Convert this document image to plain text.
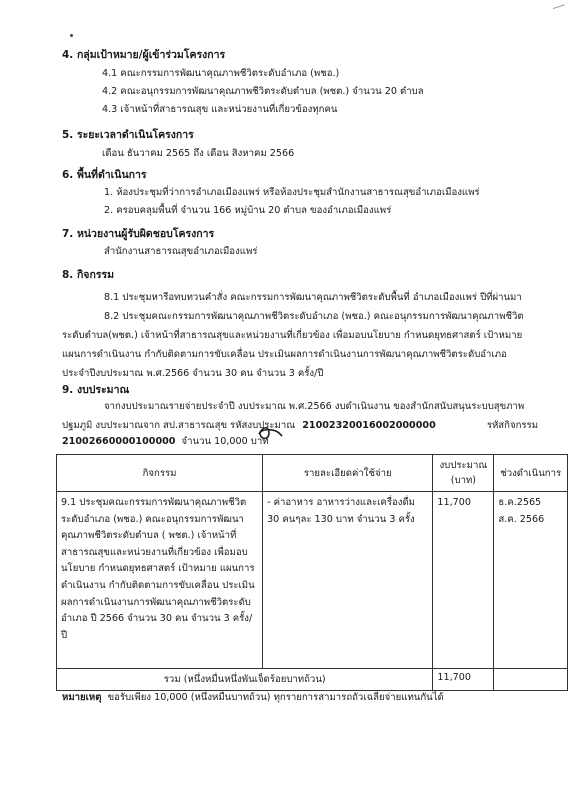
4. กลุ่มเป้าหมาย/ผู้เข้าร่วมโครงการ
4.1 คณะกรรมการพัฒนาคุณภาพชีวิตระดับอำเภอ (พชอ.)
4.2 คณะอนุกรรมการพัฒนาคุณภาพชีวิตระดับตำบล (พชต.) จำนวน 20 ตำบล
4.3 เจ้าหน้าที่สาธารณสุข และหน่วยงานที่เกี่ยวข้องทุกคน
5. ระยะเวลาดำเนินโครงการ
เดือน ธันวาคม 2565 ถึง เดือน สิงหาคม 2566
6. พื้นที่ดำเนินการ
1. ห้องประชุมที่ว่าการอำเภอเมืองแพร่ หรือห้องประชุมสำนักงานสาธารณสุขอำเภอเมืองแพร่
2. ครอบคลุมพื้นที่ จำนวน 166 หมู่บ้าน 20 ตำบล ของอำเภอเมืองแพร่
7. หน่วยงานผู้รับผิดชอบโครงการ
สำนักงานสาธารณสุขอำเภอเมืองแพร่
8. กิจกรรม
8.1 ประชุมหารือทบทวนคำสั่ง คณะกรรมการพัฒนาคุณภาพชีวิตระดับพื้นที่ อำเภอเมืองแพร่ ปีที่ผ่านมา
8.2 ประชุมคณะกรรมการพัฒนาคุณภาพชีวิตระดับอำเภอ (พชอ.) คณะอนุกรรมการพัฒนาคุณภาพชีวิต
ระดับตำบล(พชต.) เจ้าหน้าที่สาธารณสุขและหน่วยงานที่เกี่ยวข้อง เพื่อมอบนโยบาย กำหนดยุทธศาสตร์ เป้าหมาย
แผนการดำเนินงาน กำกับติดตามการขับเคลื่อน ประเมินผลการดำเนินงานการพัฒนาคุณภาพชีวิตระดับอำเภอ
ประจำปีงบประมาณ พ.ศ.2566 จำนวน 30 คน จำนวน 3 ครั้ง/ปี
9. งบประมาณ
จากงบประมาณรายจ่ายประจำปี งบประมาณ พ.ศ.2566 งบดำเนินงาน ของสำนักสนับสนุนระบบสุขภาพ
ปฐมภูมิ งบประมาณจาก สป.สาธารณสุข รหัสงบประมาณ 21002320016002000000	รหัสกิจกรรม
21002660000100000 จำนวน 10,000 บาท
กิจกรรม	รายละเอียดค่าใช้จ่าย	งบประมาณ (บาท)	ช่วงดำเนินการ

9.1 ประชุมคณะกรรมการพัฒนาคุณภาพชีวิตระดับอำเภอ (พชอ.) คณะอนุกรรมการพัฒนาคุณภาพชีวิตระดับตำบล ( พชต.) เจ้าหน้าที่สาธารณสุขและหน่วยงานที่เกี่ยวข้อง เพื่อมอบนโยบาย กำหนดยุทธศาสตร์ เป้าหมาย แผนการดำเนินงาน กำกับติดตามการขับเคลื่อน ประเมินผลการดำเนินงานการพัฒนาคุณภาพชีวิตระดับอำเภอ ปี 2566 จำนวน 30 คน จำนวน 3 ครั้ง/ปี	- ค่าอาหาร อาหารว่างและเครื่องดื่ม 30 คนๆละ 130 บาท จำนวน 3 ครั้ง	11,700	ธ.ค.2565
ส.ค. 2566

รวม (หนึ่งหมื่นหนึ่งพันเจ็ดร้อยบาทถ้วน)		11,700	
หมายเหตุ ขอรับเพียง 10,000 (หนึ่งหมื่นบาทถ้วน) ทุกรายการสามารถถัวเฉลี่ยจ่ายแทนกันได้
